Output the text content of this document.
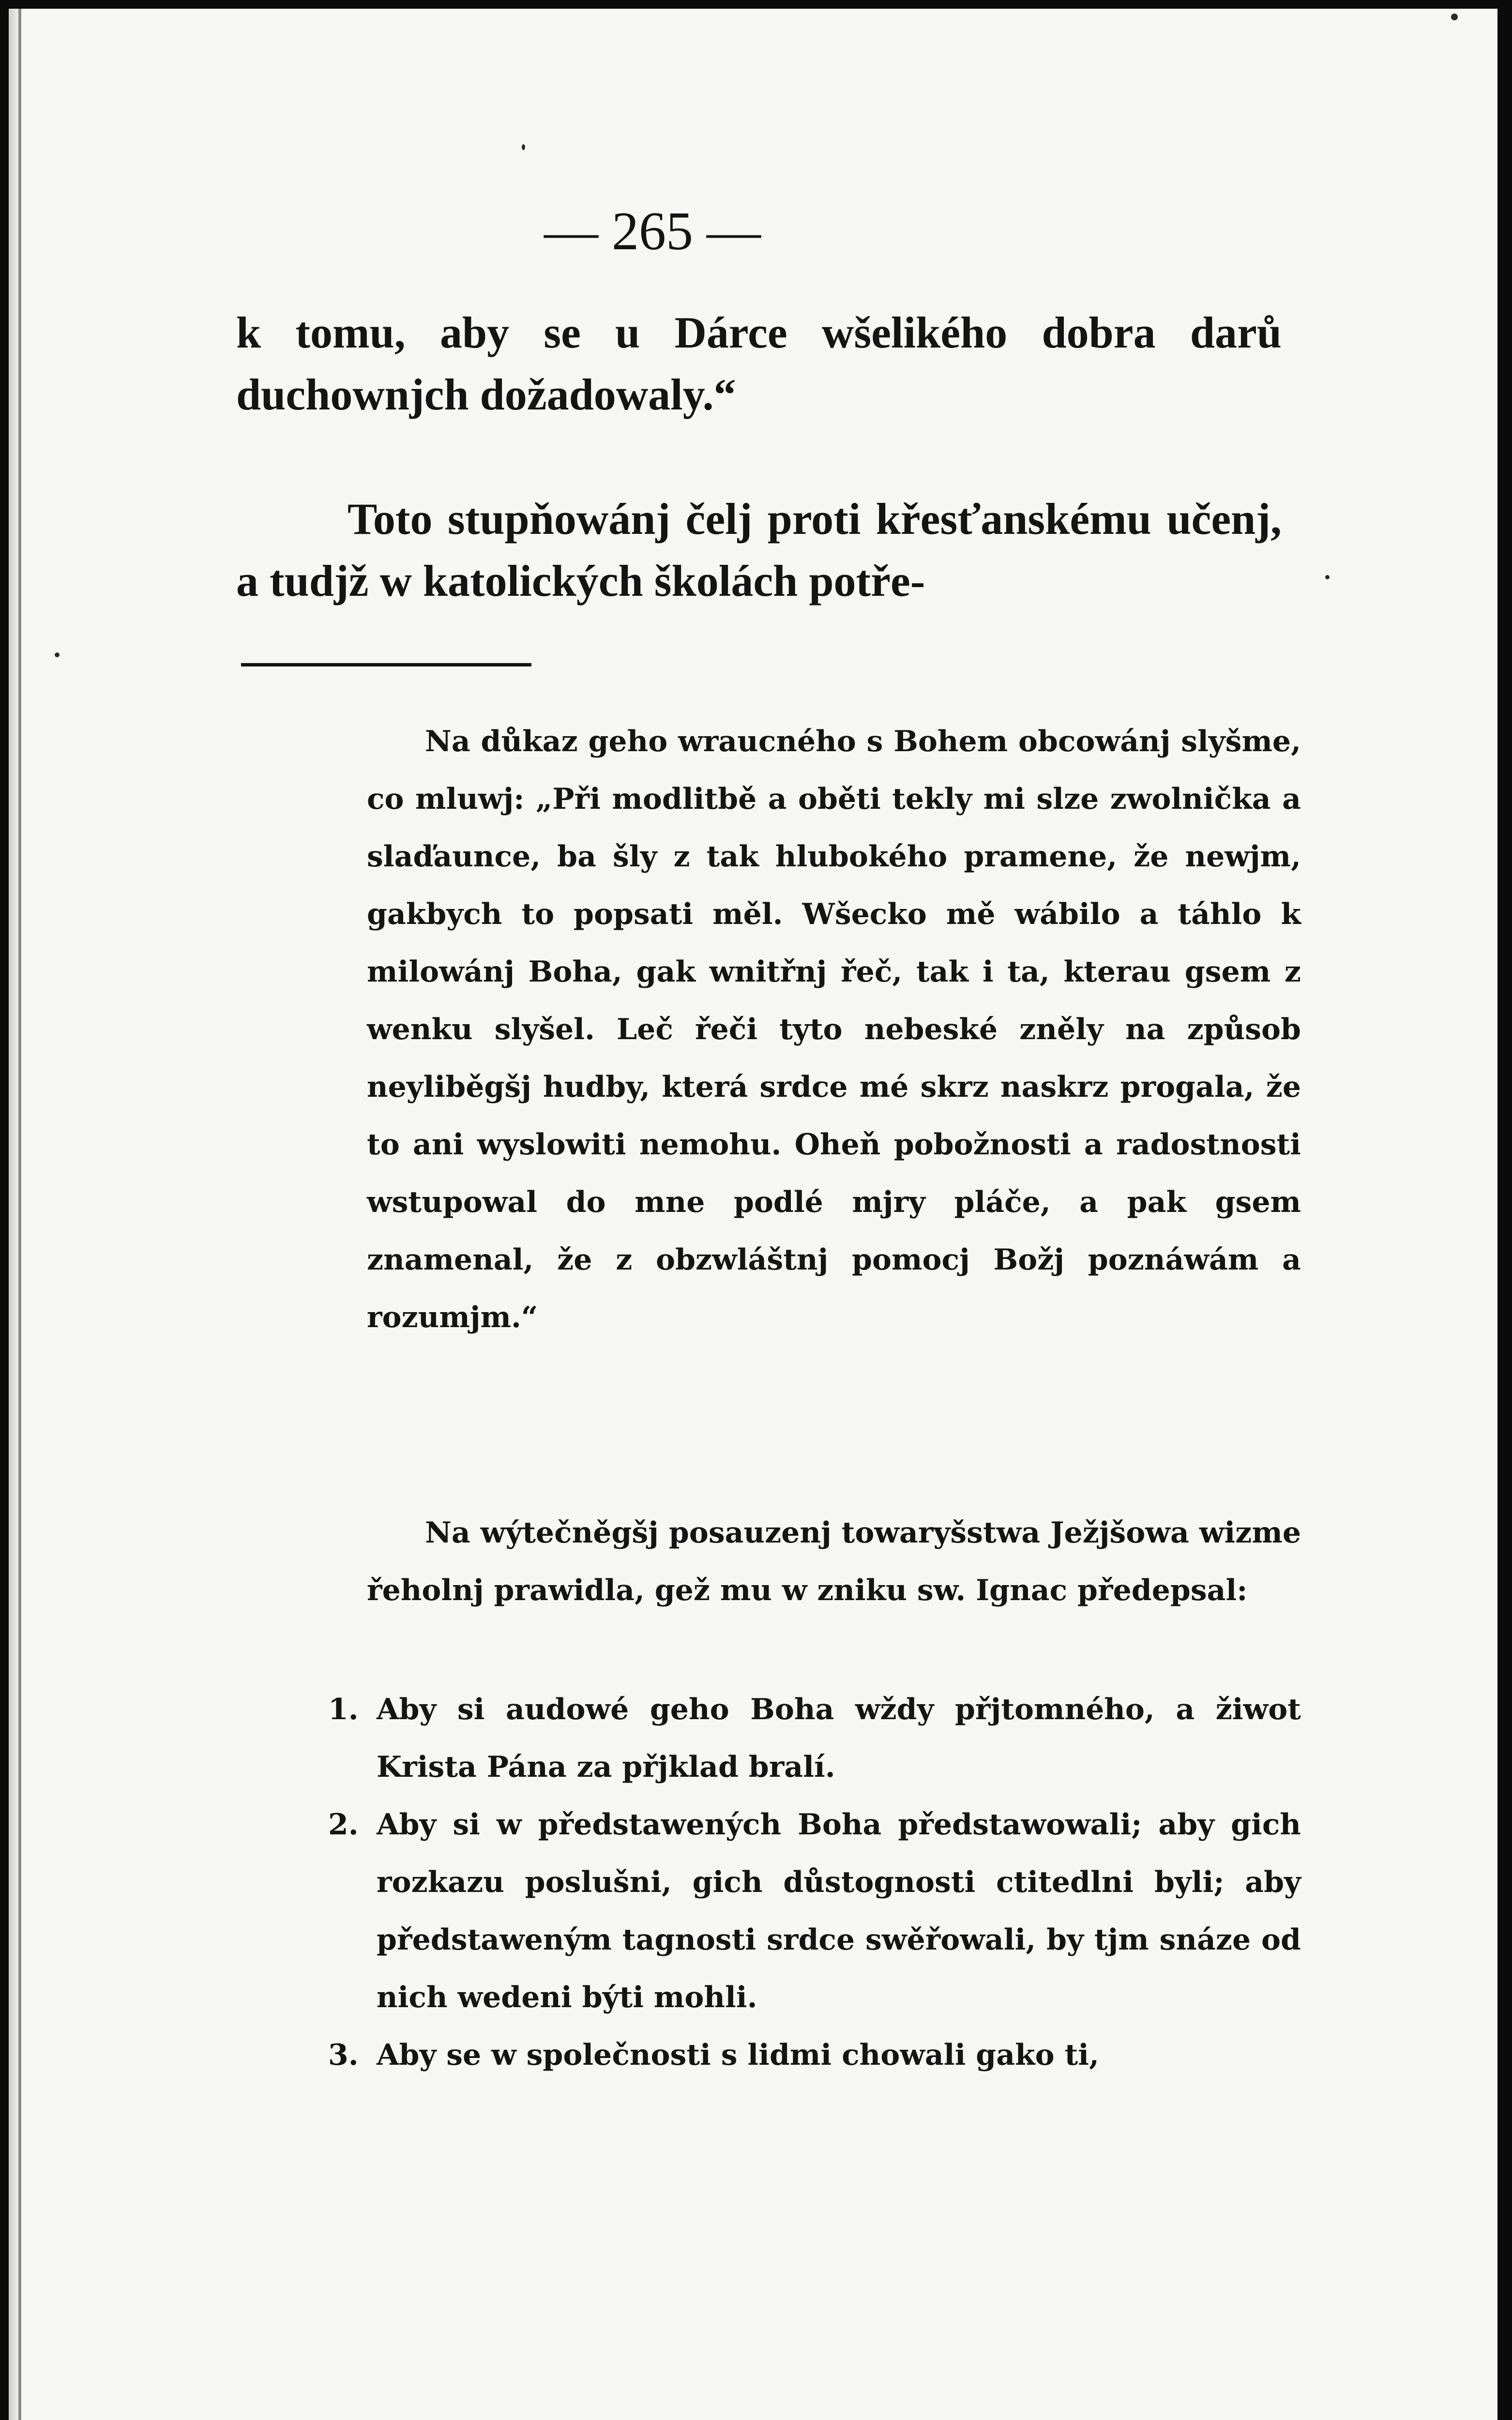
— 265 —

k tomu, aby se u Dárce wšelikého dobra darů duchownjch dožadowaly.“

Toto stupňowánj čelj proti křesťanskému učenj, a tudjž w katolických školách potře-

Na důkaz geho wraucného s Bohem obcowánj slyšme, co mluwj: „Při modlitbě a oběti tekly mi slze zwolnička a slaďaunce, ba šly z tak hlubokého pramene, že newjm, gakbych to popsati měl. Wšecko mě wábilo a táhlo k milowánj Boha, gak wnitřnj řeč, tak i ta, kterau gsem z wenku slyšel. Leč řeči tyto nebeské zněly na způsob neyliběgšj hudby, která srdce mé skrz naskrz progala, že to ani wyslowiti nemohu. Oheň pobožnosti a radostnosti wstupowal do mne podlé mjry pláče, a pak gsem znamenal, že z obzwláštnj pomocj Božj poznáwám a rozumjm.“

Na wýtečněgšj posauzenj towaryšstwa Ježjšowa wizme řeholnj prawidla, gež mu w zniku sw. Ignac předepsal:

1. Aby si audowé geho Boha wždy přjtomného, a žiwot Krista Pána za přjklad bralí.
2. Aby si w předstawených Boha předstawowali; aby gich rozkazu poslušni, gich důstognosti ctitedlni byli; aby předstaweným tagnosti srdce swěřowali, by tjm snáze od nich wedeni býti mohli.
3. Aby se w společnosti s lidmi chowali gako ti,
